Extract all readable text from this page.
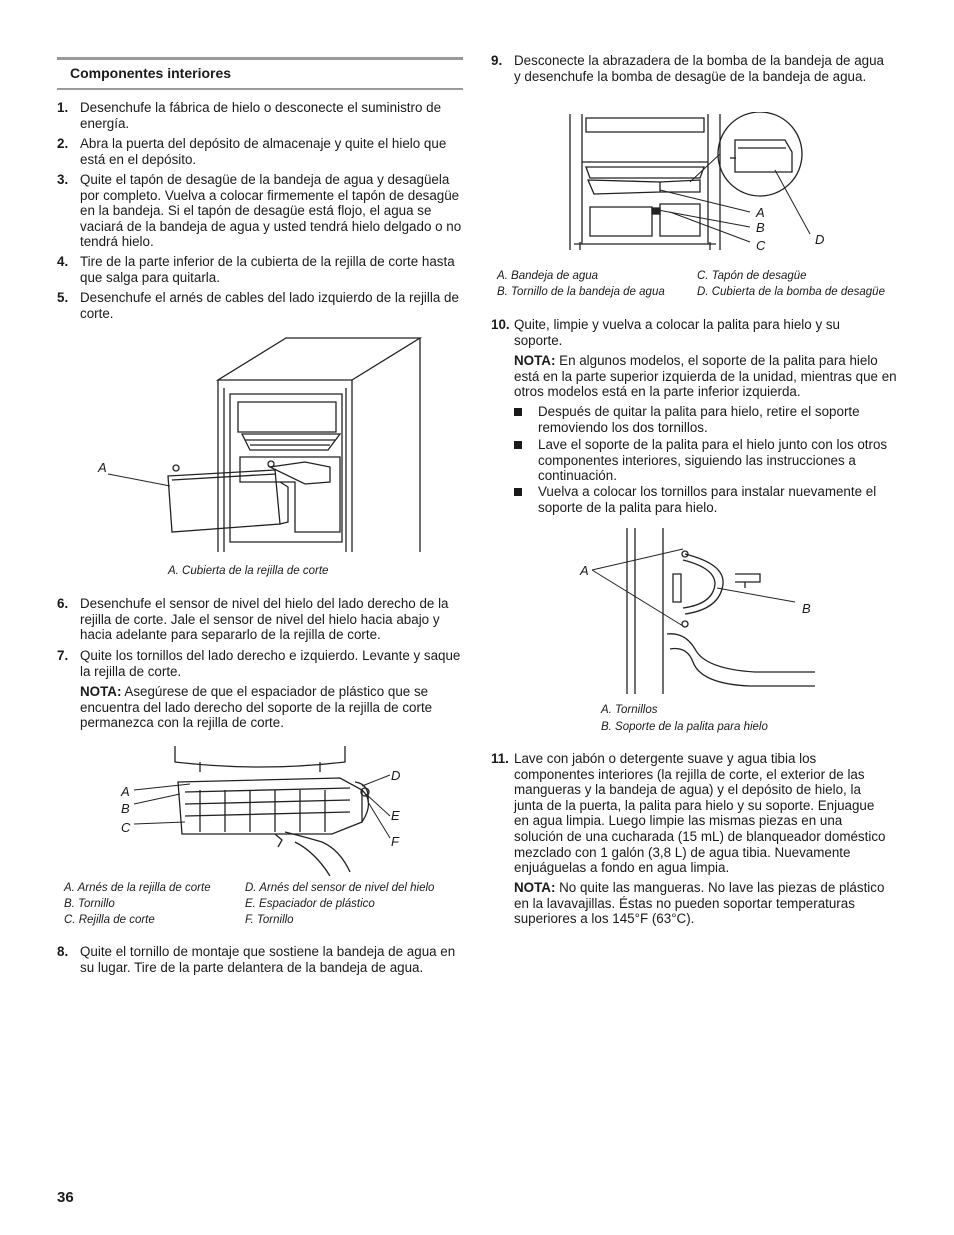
Componentes interiores
1. Desenchufe la fábrica de hielo o desconecte el suministro de energía.
2. Abra la puerta del depósito de almacenaje y quite el hielo que está en el depósito.
3. Quite el tapón de desagüe de la bandeja de agua y desagüela por completo. Vuelva a colocar firmemente el tapón de desagüe en la bandeja. Si el tapón de desagüe está flojo, el agua se vaciará de la bandeja de agua y usted tendrá hielo delgado o no tendrá hielo.
4. Tire de la parte inferior de la cubierta de la rejilla de corte hasta que salga para quitarla.
5. Desenchufe el arnés de cables del lado izquierdo de la rejilla de corte.
A
A. Cubierta de la rejilla de corte
6. Desenchufe el sensor de nivel del hielo del lado derecho de la rejilla de corte. Jale el sensor de nivel del hielo hacia abajo y hacia adelante para separarlo de la rejilla de corte.
7. Quite los tornillos del lado derecho e izquierdo. Levante y saque la rejilla de corte.
NOTA: Asegúrese de que el espaciador de plástico que se encuentra del lado derecho del soporte de la rejilla de corte permanezca con la rejilla de corte.
A
B
C
D
E
F
A. Arnés de la rejilla de corte
B. Tornillo
C. Rejilla de corte
D. Arnés del sensor de nivel del hielo
E. Espaciador de plástico
F. Tornillo
8. Quite el tornillo de montaje que sostiene la bandeja de agua en su lugar. Tire de la parte delantera de la bandeja de agua.
9. Desconecte la abrazadera de la bomba de la bandeja de agua y desenchufe la bomba de desagüe de la bandeja de agua.
A
B
C	D
A. Bandeja de agua
B. Tornillo de la bandeja de agua
C. Tapón de desagüe
D. Cubierta de la bomba de desagüe
10. Quite, limpie y vuelva a colocar la palita para hielo y su soporte.
NOTA: En algunos modelos, el soporte de la palita para hielo está en la parte superior izquierda de la unidad, mientras que en otros modelos está en la parte inferior izquierda.
Después de quitar la palita para hielo, retire el soporte removiendo los dos tornillos.
Lave el soporte de la palita para el hielo junto con los otros componentes interiores, siguiendo las instrucciones a continuación.
Vuelva a colocar los tornillos para instalar nuevamente el soporte de la palita para hielo.
A
B
A. Tornillos
B. Soporte de la palita para hielo
11. Lave con jabón o detergente suave y agua tibia los componentes interiores (la rejilla de corte, el exterior de las mangueras y la bandeja de agua) y el depósito de hielo, la junta de la puerta, la palita para hielo y su soporte. Enjuague en agua limpia. Luego limpie las mismas piezas en una solución de una cucharada (15 mL) de blanqueador doméstico mezclado con 1 galón (3,8 L) de agua tibia. Nuevamente enjuáguelas a fondo en agua limpia.
NOTA: No quite las mangueras. No lave las piezas de plástico en la lavavajillas. Éstas no pueden soportar temperaturas superiores a los 145°F (63°C).
36
